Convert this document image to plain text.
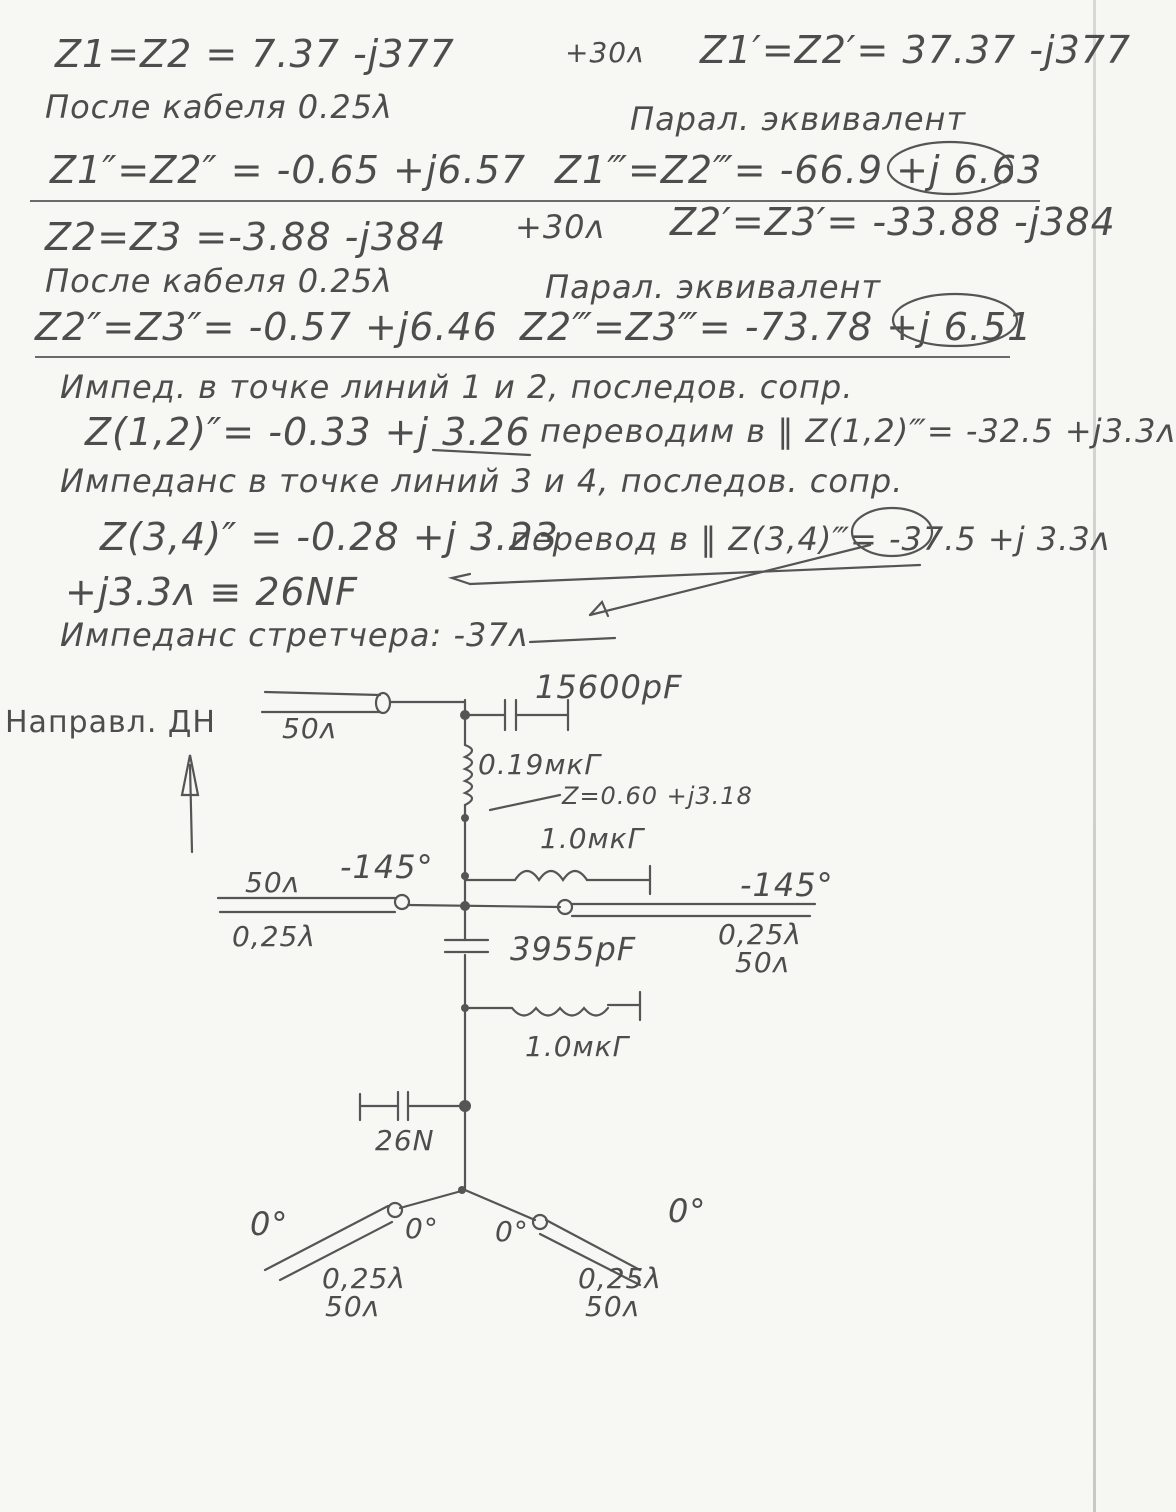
Z1=Z2 = 7.37 -j377	+30ᴧ Z1′=Z2′= 37.37 -j377
После кабеля 0.25λ	Парал. эквивалент
Z1″=Z2″ = -0.65 +j6.57 Z1‴=Z2‴= -66.9 +j 6.63
Z2=Z3 =-3.88 -j384 +30ᴧ Z2′=Z3′= -33.88 -j384
После кабеля 0.25λ	Парал. эквивалент
Z2″=Z3″= -0.57 +j6.46 Z2‴=Z3‴= -73.78 +j 6.51
Импед. в точке линий 1 и 2, последов. сопр.
Z(1,2)″= -0.33 +j 3.26 переводим в ‖ Z(1,2)‴= -32.5 +j3.3ᴧ
Импеданс в точке линий 3 и 4, последов. сопр.
Z(3,4)″ = -0.28 +j 3.23
перевод в ‖ Z(3,4)‴= -37.5 +j 3.3ᴧ
+j3.3ᴧ ≡ 26NF
Импеданс стретчера: -37ᴧ
Направл. ДН 50ᴧ
15600pF
0.19мкГ
Z=0.60 +j3.18
1.0мкГ
50ᴧ -145°	-145°
0,25λ	0,25λ
50ᴧ
3955pF
1.0мкГ
26N
0°	0° 0°
0°
0,25λ
50ᴧ
0,25λ
50ᴧ
